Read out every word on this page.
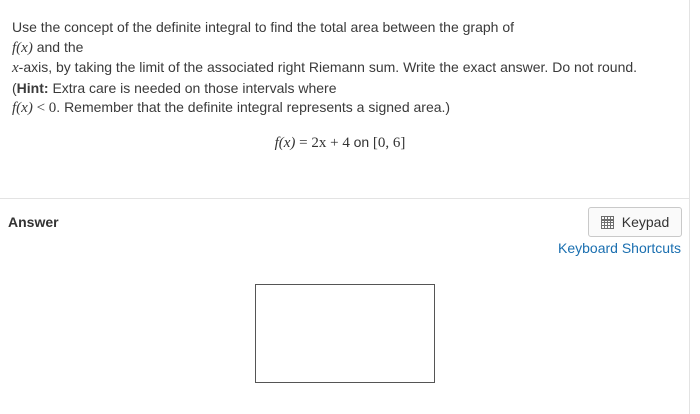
Use the concept of the definite integral to find the total area between the graph of
f(x) and the
x-axis, by taking the limit of the associated right Riemann sum. Write the exact answer. Do not round.
(Hint: Extra care is needed on those intervals where
f(x) < 0. Remember that the definite integral represents a signed area.)
f(x) = 2x + 4 on [0, 6]
Answer	Keypad
Keyboard Shortcuts
